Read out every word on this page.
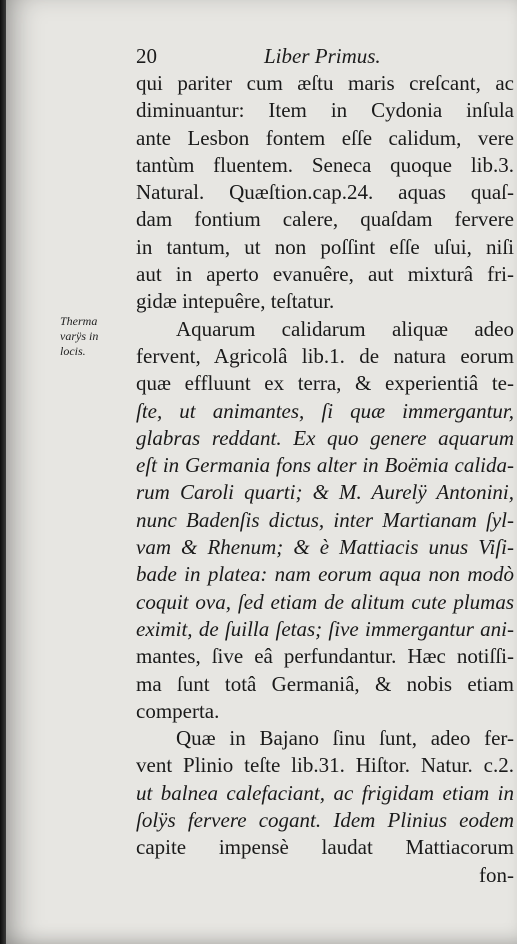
20	Liber Primus.
Therma
varÿs in
locis.
qui pariter cum æſtu maris creſcant, ac
diminuantur: Item in Cydonia inſula
ante Lesbon fontem eſſe calidum, vere
tantùm fluentem. Seneca quoque lib.3.
Natural. Quæſtion.cap.24. aquas quaſ-
dam fontium calere, quaſdam fervere
in tantum, ut non poſſint eſſe uſui, niſi
aut in aperto evanuêre, aut mixturâ fri-
gidæ intepuêre, teſtatur.
Aquarum calidarum aliquæ adeo
fervent, Agricolâ lib.1. de natura eorum
quæ effluunt ex terra, & experientiâ te-
ſte, ut animantes, ſi quæ immergantur,
glabras reddant. Ex quo genere aquarum
eſt in Germania fons alter in Boëmia calida-
rum Caroli quarti; & M. Aurelÿ Antonini,
nunc Badenſis dictus, inter Martianam ſyl-
vam & Rhenum; & è Mattiacis unus Viſi-
bade in platea: nam eorum aqua non modò
coquit ova, ſed etiam de alitum cute plumas
eximit, de ſuilla ſetas; ſive immergantur ani-
mantes, ſive eâ perfundantur. Hæc notiſſi-
ma ſunt totâ Germaniâ, & nobis etiam
comperta.
Quæ in Bajano ſinu ſunt, adeo fer-
vent Plinio teſte lib.31. Hiſtor. Natur. c.2.
ut balnea calefaciant, ac frigidam etiam in
ſolÿs fervere cogant. Idem Plinius eodem
capite impensè laudat Mattiacorum
fon-
